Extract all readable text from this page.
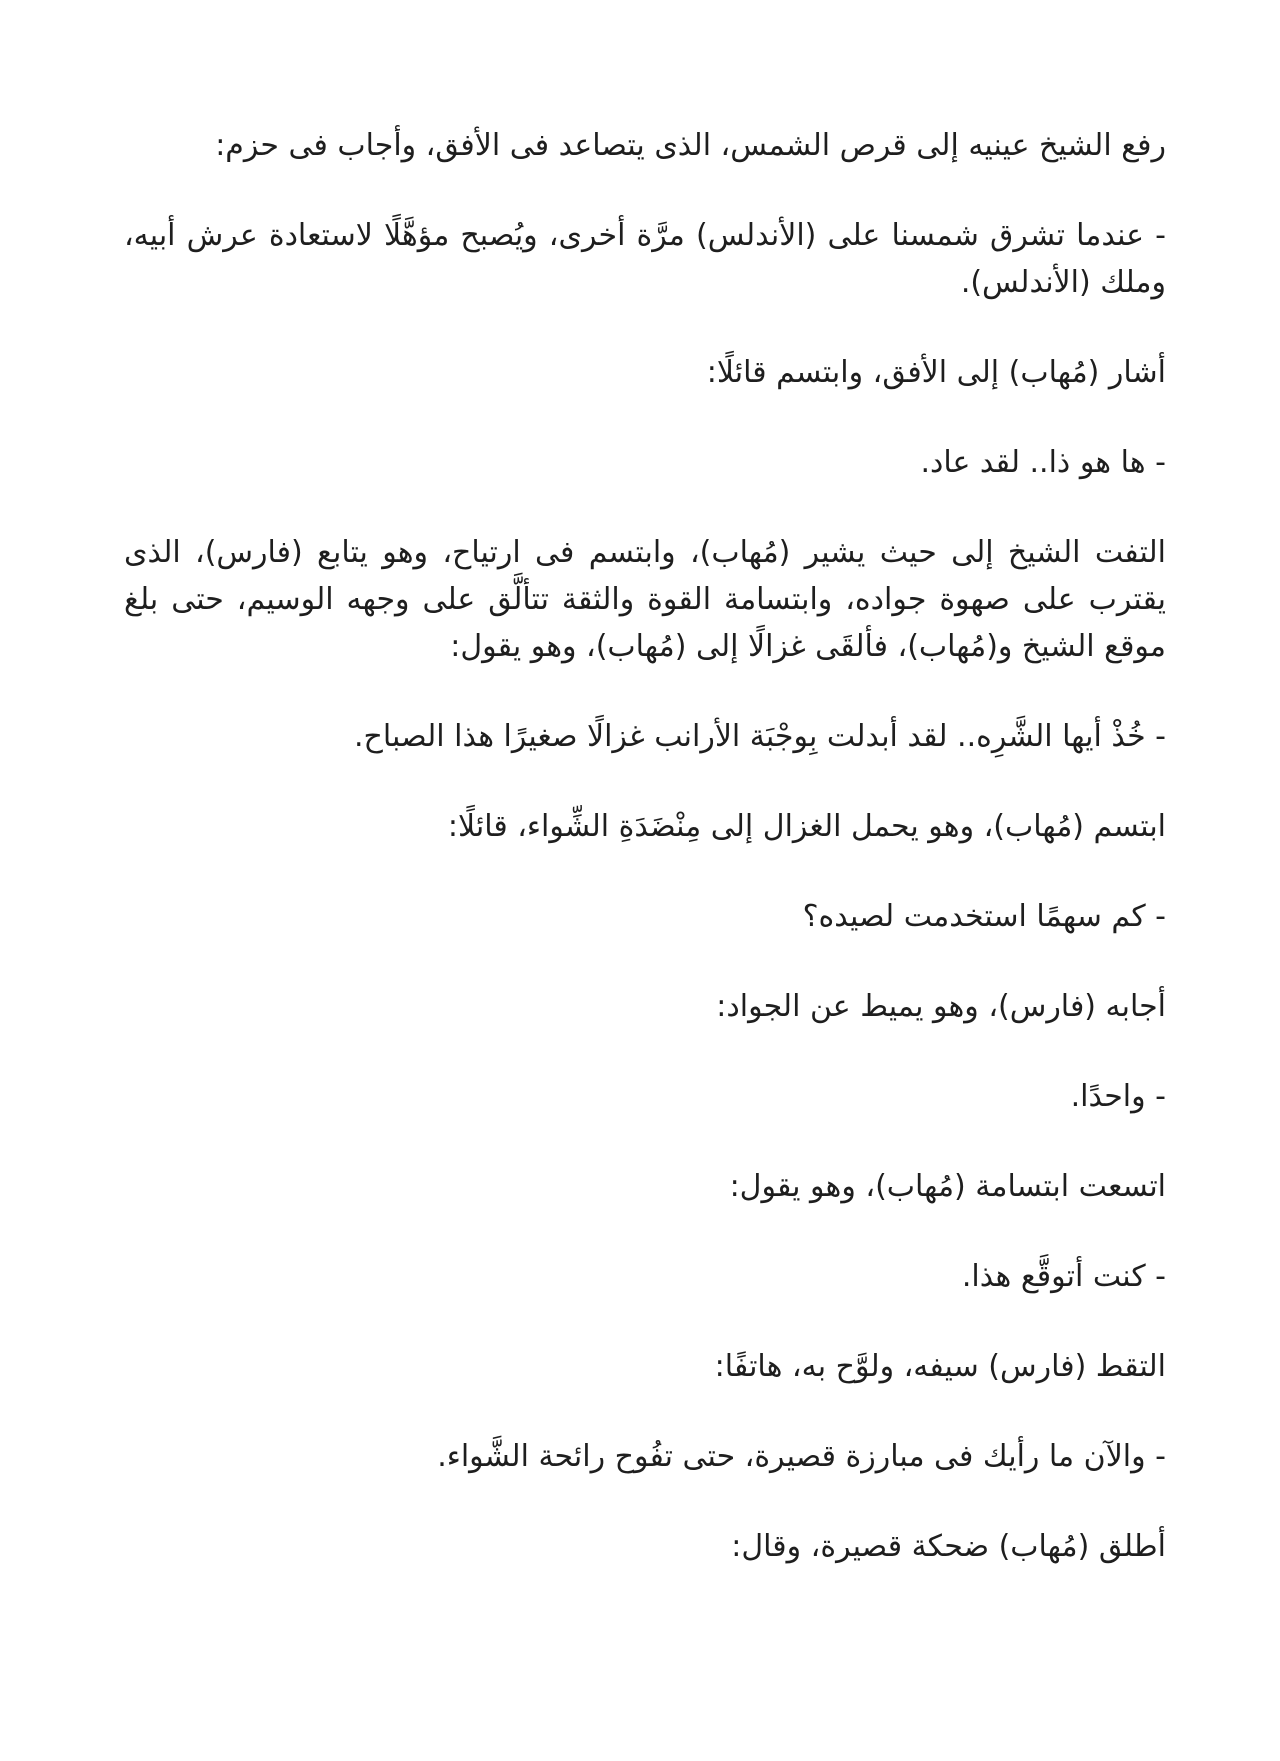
رفع الشيخ عينيه إلى قرص الشمس، الذى يتصاعد فى الأفق، وأجاب فى حزم:

- عندما تشرق شمسنا على (الأندلس) مرَّة أخرى، ويُصبح مؤهَّلًا لاستعادة عرش أبيه، وملك (الأندلس).

أشار (مُهاب) إلى الأفق، وابتسم قائلًا:

- ها هو ذا.. لقد عاد.

التفت الشيخ إلى حيث يشير (مُهاب)، وابتسم فى ارتياح، وهو يتابع (فارس)، الذى يقترب على صهوة جواده، وابتسامة القوة والثقة تتألَّق على وجهه الوسيم، حتى بلغ موقع الشيخ و(مُهاب)، فألقَى غزالًا إلى (مُهاب)، وهو يقول:

- خُذْ أيها الشَّرِه.. لقد أبدلت بِوجْبَة الأرانب غزالًا صغيرًا هذا الصباح.

ابتسم (مُهاب)، وهو يحمل الغزال إلى مِنْضَدَةِ الشِّواء، قائلًا:

- كم سهمًا استخدمت لصيده؟

أجابه (فارس)، وهو يميط عن الجواد:

- واحدًا.

اتسعت ابتسامة (مُهاب)، وهو يقول:

- كنت أتوقَّع هذا.

التقط (فارس) سيفه، ولوَّح به، هاتفًا:

- والآن ما رأيك فى مبارزة قصيرة، حتى تفُوح رائحة الشَّواء.

أطلق (مُهاب) ضحكة قصيرة، وقال:
